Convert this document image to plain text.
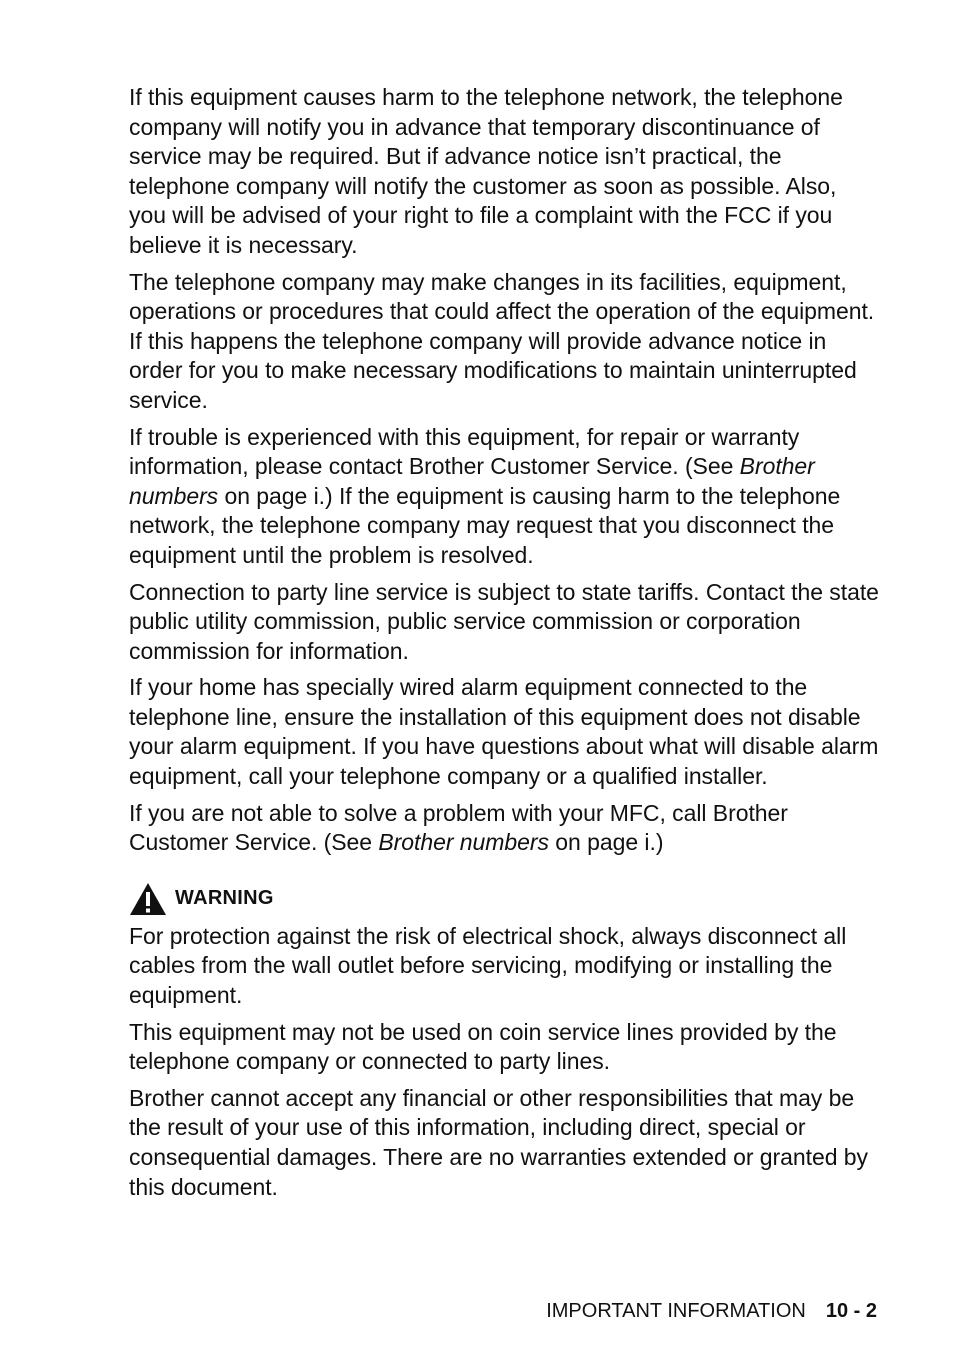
If this equipment causes harm to the telephone network, the telephone company will notify you in advance that temporary discontinuance of service may be required. But if advance notice isn’t practical, the telephone company will notify the customer as soon as possible. Also, you will be advised of your right to file a complaint with the FCC if you believe it is necessary.

The telephone company may make changes in its facilities, equipment, operations or procedures that could affect the operation of the equipment. If this happens the telephone company will provide advance notice in order for you to make necessary modifications to maintain uninterrupted service.

If trouble is experienced with this equipment, for repair or warranty information, please contact Brother Customer Service. (See Brother numbers on page i.) If the equipment is causing harm to the telephone network, the telephone company may request that you disconnect the equipment until the problem is resolved.

Connection to party line service is subject to state tariffs. Contact the state public utility commission, public service commission or corporation commission for information.

If your home has specially wired alarm equipment connected to the telephone line, ensure the installation of this equipment does not disable your alarm equipment. If you have questions about what will disable alarm equipment, call your telephone company or a qualified installer.

If you are not able to solve a problem with your MFC, call Brother Customer Service. (See Brother numbers on page i.)

WARNING

For protection against the risk of electrical shock, always disconnect all cables from the wall outlet before servicing, modifying or installing the equipment.

This equipment may not be used on coin service lines provided by the telephone company or connected to party lines.

Brother cannot accept any financial or other responsibilities that may be the result of your use of this information, including direct, special or consequential damages. There are no warranties extended or granted by this document.

IMPORTANT INFORMATION 10 - 2
